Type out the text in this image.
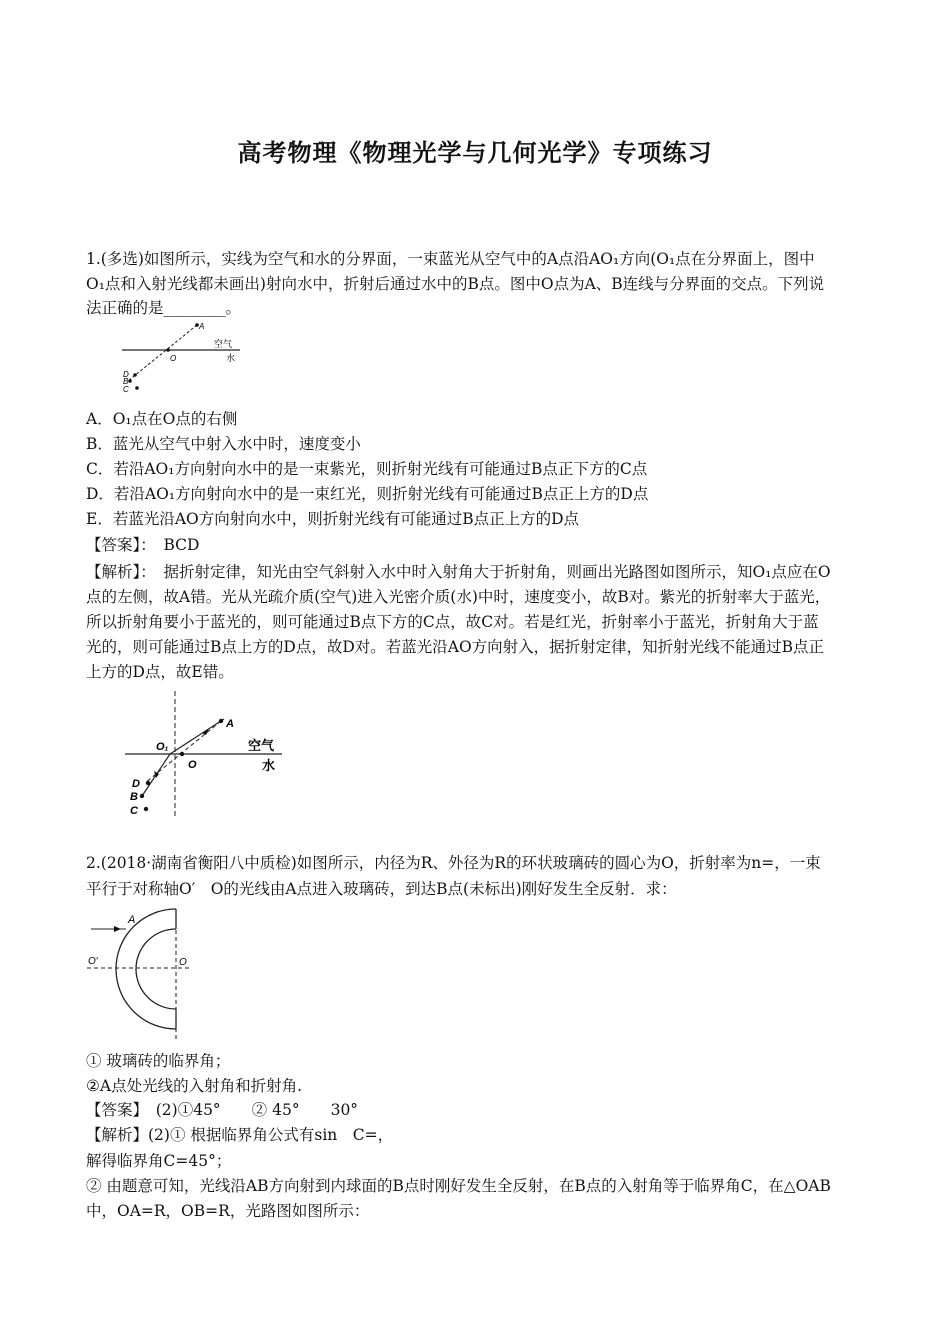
高考物理《物理光学与几何光学》专项练习
1.(多选)如图所示，实线为空气和水的分界面，一束蓝光从空气中的A点沿AO₁方向(O₁点在分界面上，图中
O₁点和入射光线都未画出)射向水中，折射后通过水中的B点。图中O点为A、B连线与分界面的交点。下列说
法正确的是________。
A
O
D
B
C
空气
水
A．O₁点在O点的右侧
B．蓝光从空气中射入水中时，速度变小
C．若沿AO₁方向射向水中的是一束紫光，则折射光线有可能通过B点正下方的C点
D．若沿AO₁方向射向水中的是一束红光，则折射光线有可能通过B点正上方的D点
E．若蓝光沿AO方向射向水中，则折射光线有可能通过B点正上方的D点
【答案】：　BCD
【解析】：　据折射定律，知光由空气斜射入水中时入射角大于折射角，则画出光路图如图所示，知O₁点应在O
点的左侧，故A错。光从光疏介质(空气)进入光密介质(水)中时，速度变小，故B对。紫光的折射率大于蓝光，
所以折射角要小于蓝光的，则可能通过B点下方的C点，故C对。若是红光，折射率小于蓝光，折射角大于蓝
光的，则可能通过B点上方的D点，故D对。若蓝光沿AO方向射入，据折射定律，知折射光线不能通过B点正
上方的D点，故E错。
A
O₁
O
D
B
C
空气
水
2.(2018·湖南省衡阳八中质检)如图所示，内径为R、外径为R的环状玻璃砖的圆心为O，折射率为n=，一束
平行于对称轴O′　O的光线由A点进入玻璃砖，到达B点(未标出)刚好发生全反射．求：
A
O′	O
① 玻璃砖的临界角；
②A点处光线的入射角和折射角.
【答案】　(2)①45°　　② 45°　　30°
【解析】(2)① 根据临界角公式有sin　C=，
解得临界角C=45°；
② 由题意可知，光线沿AB方向射到内球面的B点时刚好发生全反射，在B点的入射角等于临界角C，在△OAB
中，OA=R，OB=R，光路图如图所示：
